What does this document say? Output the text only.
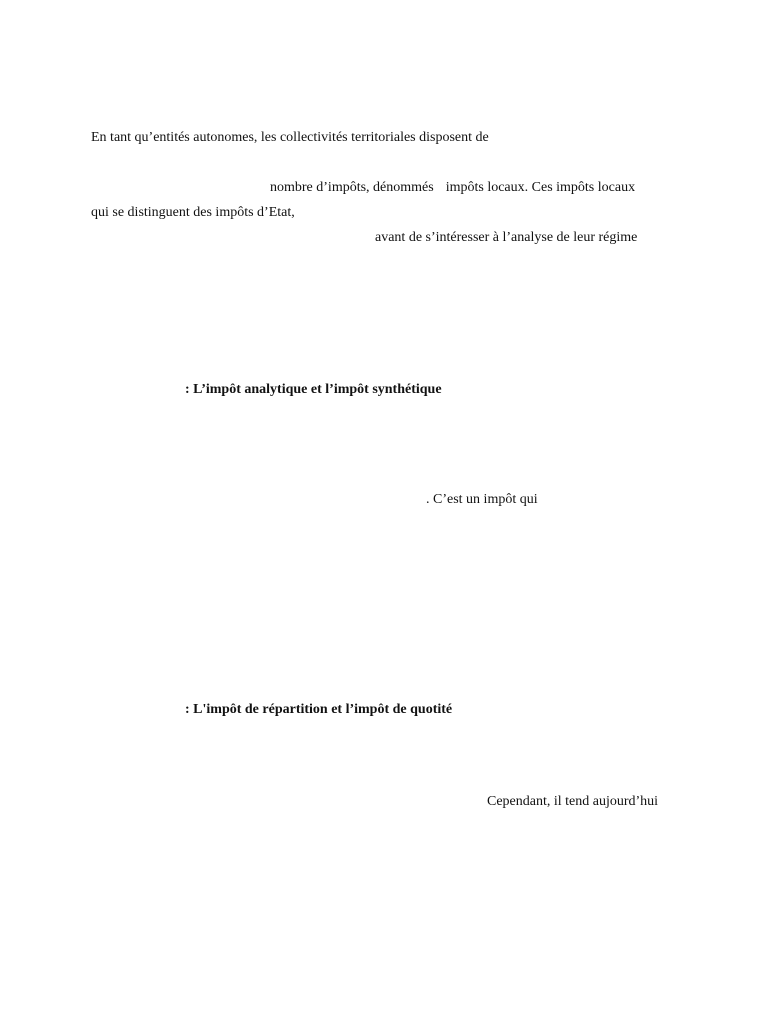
En tant qu’entités autonomes, les collectivités territoriales disposent de
nombre d’impôts, dénommés impôts locaux. Ces impôts locaux
qui se distinguent des impôts d’Etat,
avant de s’intéresser à l’analyse de leur régime
: L’impôt analytique et l’impôt synthétique
. C’est un impôt qui
: L'impôt de répartition et l’impôt de quotité
Cependant, il tend aujourd’hui
